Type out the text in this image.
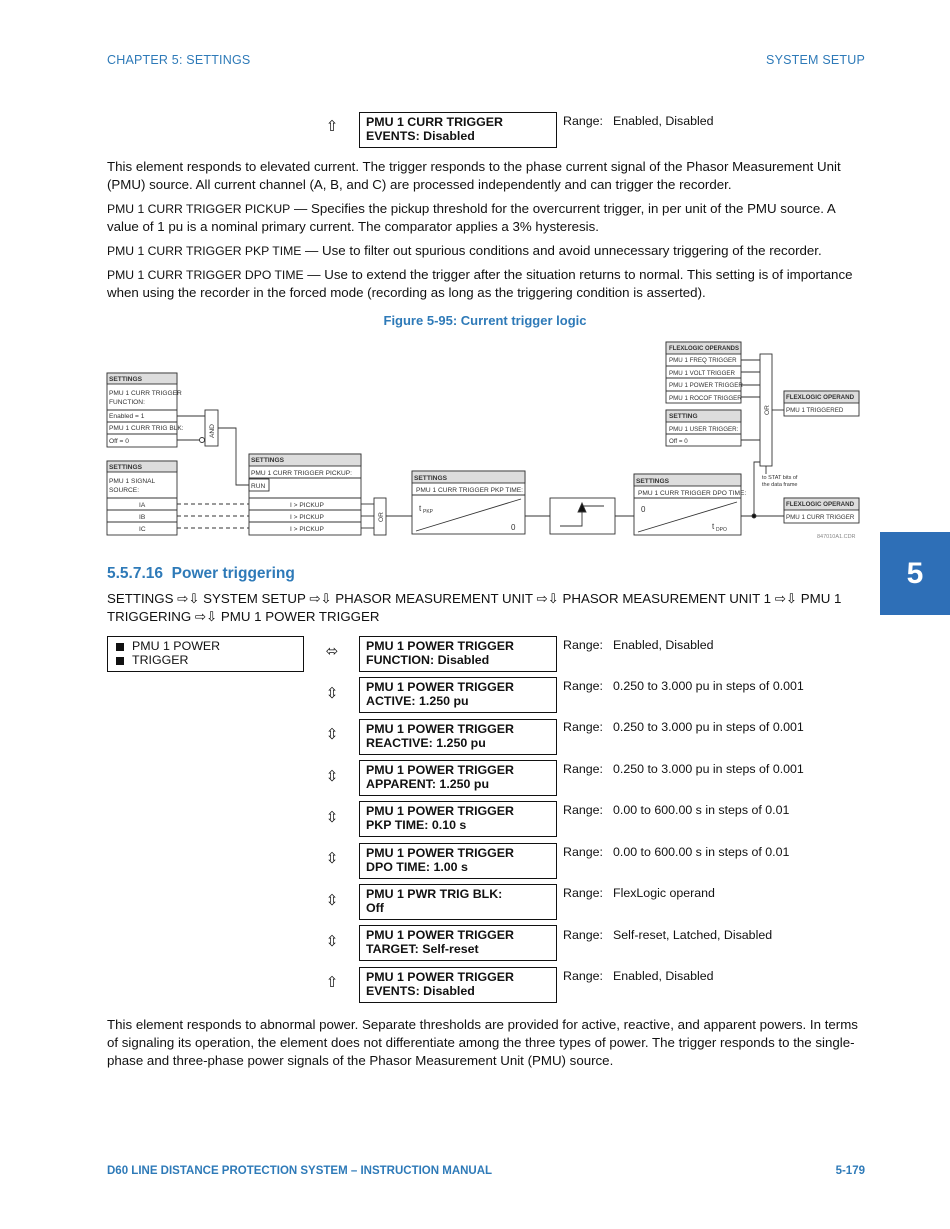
CHAPTER 5: SETTINGS	SYSTEM SETUP
⇧ PMU 1 CURR TRIGGER
EVENTS: Disabled
Range: Enabled, Disabled
This element responds to elevated current. The trigger responds to the phase current signal of the Phasor Measurement Unit (PMU) source. All current channel (A, B, and C) are processed independently and can trigger the recorder.
PMU 1 CURR TRIGGER PICKUP — Specifies the pickup threshold for the overcurrent trigger, in per unit of the PMU source. A value of 1 pu is a nominal primary current. The comparator applies a 3% hysteresis.
PMU 1 CURR TRIGGER PKP TIME — Use to filter out spurious conditions and avoid unnecessary triggering of the recorder.
PMU 1 CURR TRIGGER DPO TIME — Use to extend the trigger after the situation returns to normal. This setting is of importance when using the recorder in the forced mode (recording as long as the triggering condition is asserted).
Figure 5-95: Current trigger logic
SETTINGS
PMU 1 CURR TRIGGER
FUNCTION:
Enabled = 1
PMU 1 CURR TRIG BLK:
Off = 0
AND
SETTINGS
PMU 1 SIGNAL
SOURCE:
IA
IB
IC
SETTINGS
PMU 1 CURR TRIGGER PICKUP:
RUN
I > PICKUP
I > PICKUP
I > PICKUP
OR
SETTINGS
PMU 1 CURR TRIGGER PKP TIME:
t PKP
0
SETTINGS
PMU 1 CURR TRIGGER DPO TIME:
0
t DPO
FLEXLOGIC OPERANDS
PMU 1 FREQ TRIGGER
PMU 1 VOLT TRIGGER
PMU 1 POWER TRIGGER
PMU 1 ROCOF TRIGGER
SETTING
PMU 1 USER TRIGGER:
Off = 0
OR
to STAT bits of
the data frame
FLEXLOGIC OPERAND
PMU 1 TRIGGERED
FLEXLOGIC OPERAND
PMU 1 CURR TRIGGER
847010A1.CDR
5
5.5.7.16 Power triggering
SETTINGS ⇨⇩ SYSTEM SETUP ⇨⇩ PHASOR MEASUREMENT UNIT ⇨⇩ PHASOR MEASUREMENT UNIT 1 ⇨⇩ PMU 1 TRIGGERING ⇨⇩ PMU 1 POWER TRIGGER
PMU 1 POWER
TRIGGER	⬄ PMU 1 POWER TRIGGER
FUNCTION: Disabled
Range: Enabled, Disabled
⇳ PMU 1 POWER TRIGGER
ACTIVE: 1.250 pu
Range: 0.250 to 3.000 pu in steps of 0.001
⇳ PMU 1 POWER TRIGGER
REACTIVE: 1.250 pu
Range: 0.250 to 3.000 pu in steps of 0.001
⇳ PMU 1 POWER TRIGGER
APPARENT: 1.250 pu
Range: 0.250 to 3.000 pu in steps of 0.001
⇳ PMU 1 POWER TRIGGER
PKP TIME: 0.10 s
Range: 0.00 to 600.00 s in steps of 0.01
⇳ PMU 1 POWER TRIGGER
DPO TIME: 1.00 s
Range: 0.00 to 600.00 s in steps of 0.01
⇳ PMU 1 PWR TRIG BLK:
Off
Range: FlexLogic operand
⇳ PMU 1 POWER TRIGGER
TARGET: Self-reset
Range: Self-reset, Latched, Disabled
⇧ PMU 1 POWER TRIGGER
EVENTS: Disabled
Range: Enabled, Disabled
This element responds to abnormal power. Separate thresholds are provided for active, reactive, and apparent powers. In terms of signaling its operation, the element does not differentiate among the three types of power. The trigger responds to the single-phase and three-phase power signals of the Phasor Measurement Unit (PMU) source.
D60 LINE DISTANCE PROTECTION SYSTEM – INSTRUCTION MANUAL	5-179
